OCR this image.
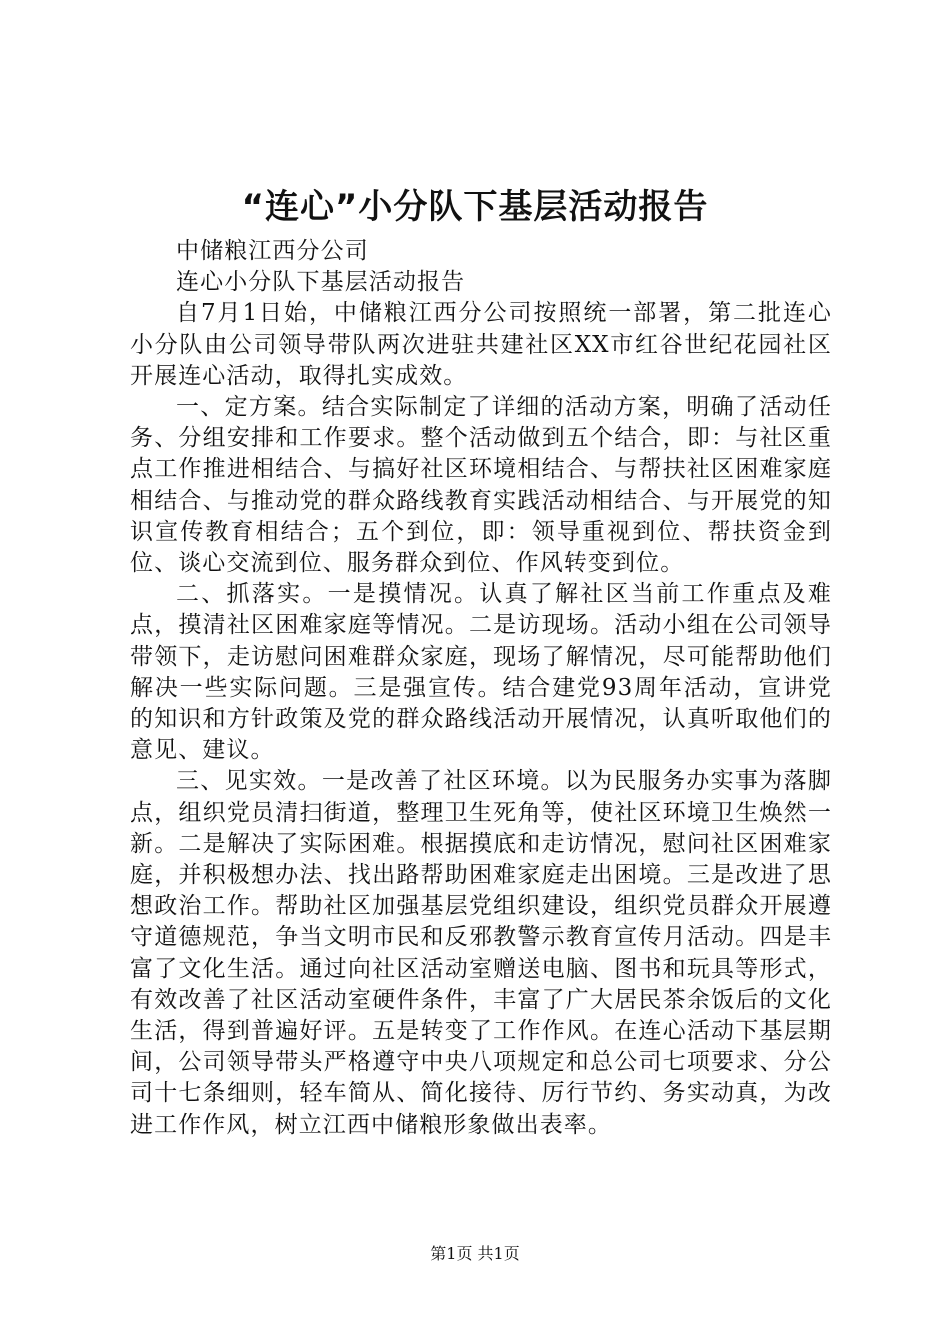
“连心”小分队下基层活动报告

中储粮江西分公司

连心小分队下基层活动报告

自7月1日始，中储粮江西分公司按照统一部署，第二批连心小分队由公司领导带队两次进驻共建社区XX市红谷世纪花园社区开展连心活动，取得扎实成效。

一、定方案。结合实际制定了详细的活动方案，明确了活动任务、分组安排和工作要求。整个活动做到五个结合，即：与社区重点工作推进相结合、与搞好社区环境相结合、与帮扶社区困难家庭相结合、与推动党的群众路线教育实践活动相结合、与开展党的知识宣传教育相结合；五个到位，即：领导重视到位、帮扶资金到位、谈心交流到位、服务群众到位、作风转变到位。

二、抓落实。一是摸情况。认真了解社区当前工作重点及难点，摸清社区困难家庭等情况。二是访现场。活动小组在公司领导带领下，走访慰问困难群众家庭，现场了解情况，尽可能帮助他们解决一些实际问题。三是强宣传。结合建党93周年活动，宣讲党的知识和方针政策及党的群众路线活动开展情况，认真听取他们的意见、建议。

三、见实效。一是改善了社区环境。以为民服务办实事为落脚点，组织党员清扫街道，整理卫生死角等，使社区环境卫生焕然一新。二是解决了实际困难。根据摸底和走访情况，慰问社区困难家庭，并积极想办法、找出路帮助困难家庭走出困境。三是改进了思想政治工作。帮助社区加强基层党组织建设，组织党员群众开展遵守道德规范，争当文明市民和反邪教警示教育宣传月活动。四是丰富了文化生活。通过向社区活动室赠送电脑、图书和玩具等形式，有效改善了社区活动室硬件条件，丰富了广大居民茶余饭后的文化生活，得到普遍好评。五是转变了工作作风。在连心活动下基层期间，公司领导带头严格遵守中央八项规定和总公司七项要求、分公司十七条细则，轻车简从、简化接待、厉行节约、务实动真，为改进工作作风，树立江西中储粮形象做出表率。

第1页 共1页
